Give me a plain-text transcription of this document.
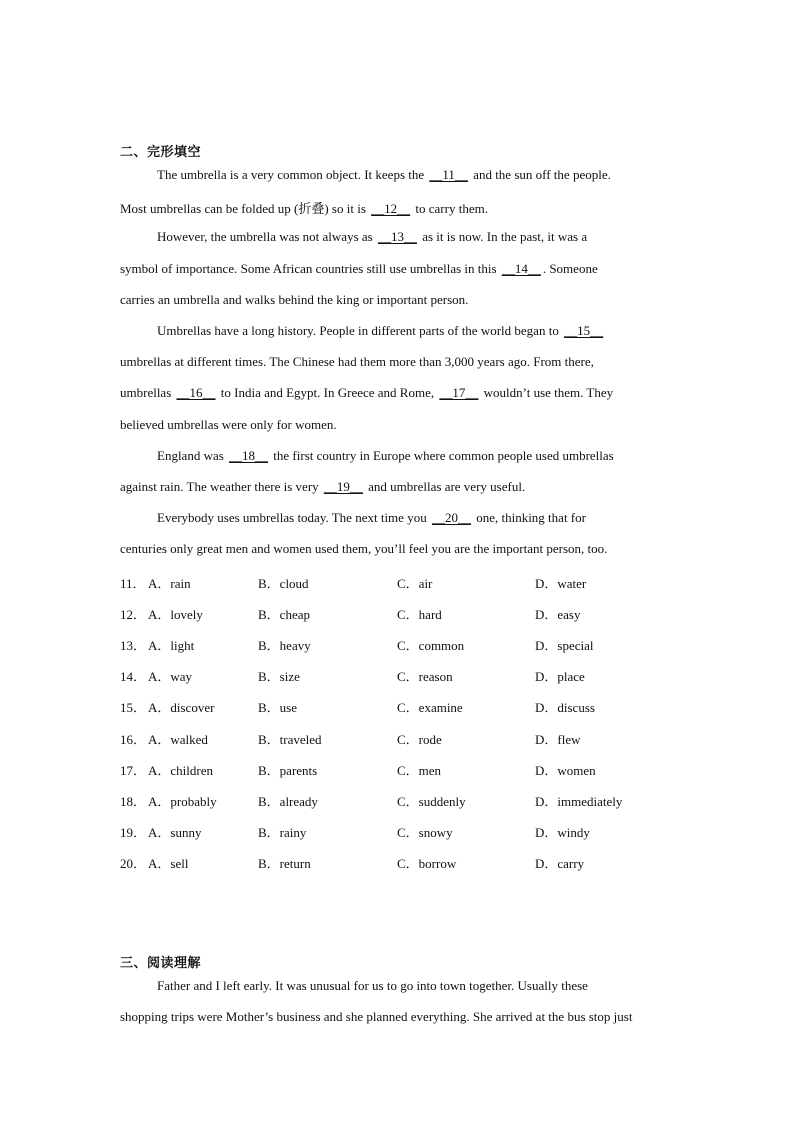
二、完形填空
The umbrella is a very common object. It keeps the __11__ and the sun off the people.
Most umbrellas can be folded up (折叠) so it is __12__ to carry them.
However, the umbrella was not always as __13__ as it is now. In the past, it was a
symbol of importance. Some African countries still use umbrellas in this __14__ . Someone
carries an umbrella and walks behind the king or important person.
Umbrellas have a long history. People in different parts of the world began to __15__
umbrellas at different times. The Chinese had them more than 3,000 years ago. From there,
umbrellas __16__ to India and Egypt. In Greece and Rome, __17__ wouldn’t use them. They
believed umbrellas were only for women.
England was __18__ the first country in Europe where common people used umbrellas
against rain. The weather there is very __19__ and umbrellas are very useful.
Everybody uses umbrellas today. The next time you __20__ one, thinking that for
centuries only great men and women used them, you’ll feel you are the important person, too.
11． A．rain	B．cloud	C．air	D．water
12． A．lovely	B．cheap	C．hard	D．easy
13． A．light	B．heavy	C．common	D．special
14． A．way	B．size	C．reason	D．place
15． A．discover	B．use	C．examine	D．discuss
16． A．walked	B．traveled	C．rode	D．flew
17． A．children	B．parents	C．men	D．women
18． A．probably	B．already	C．suddenly	D．immediately
19． A．sunny	B．rainy	C．snowy	D．windy
20． A．sell	B．return	C．borrow	D．carry
三、阅读理解
Father and I left early. It was unusual for us to go into town together. Usually these
shopping trips were Mother’s business and she planned everything. She arrived at the bus stop just
